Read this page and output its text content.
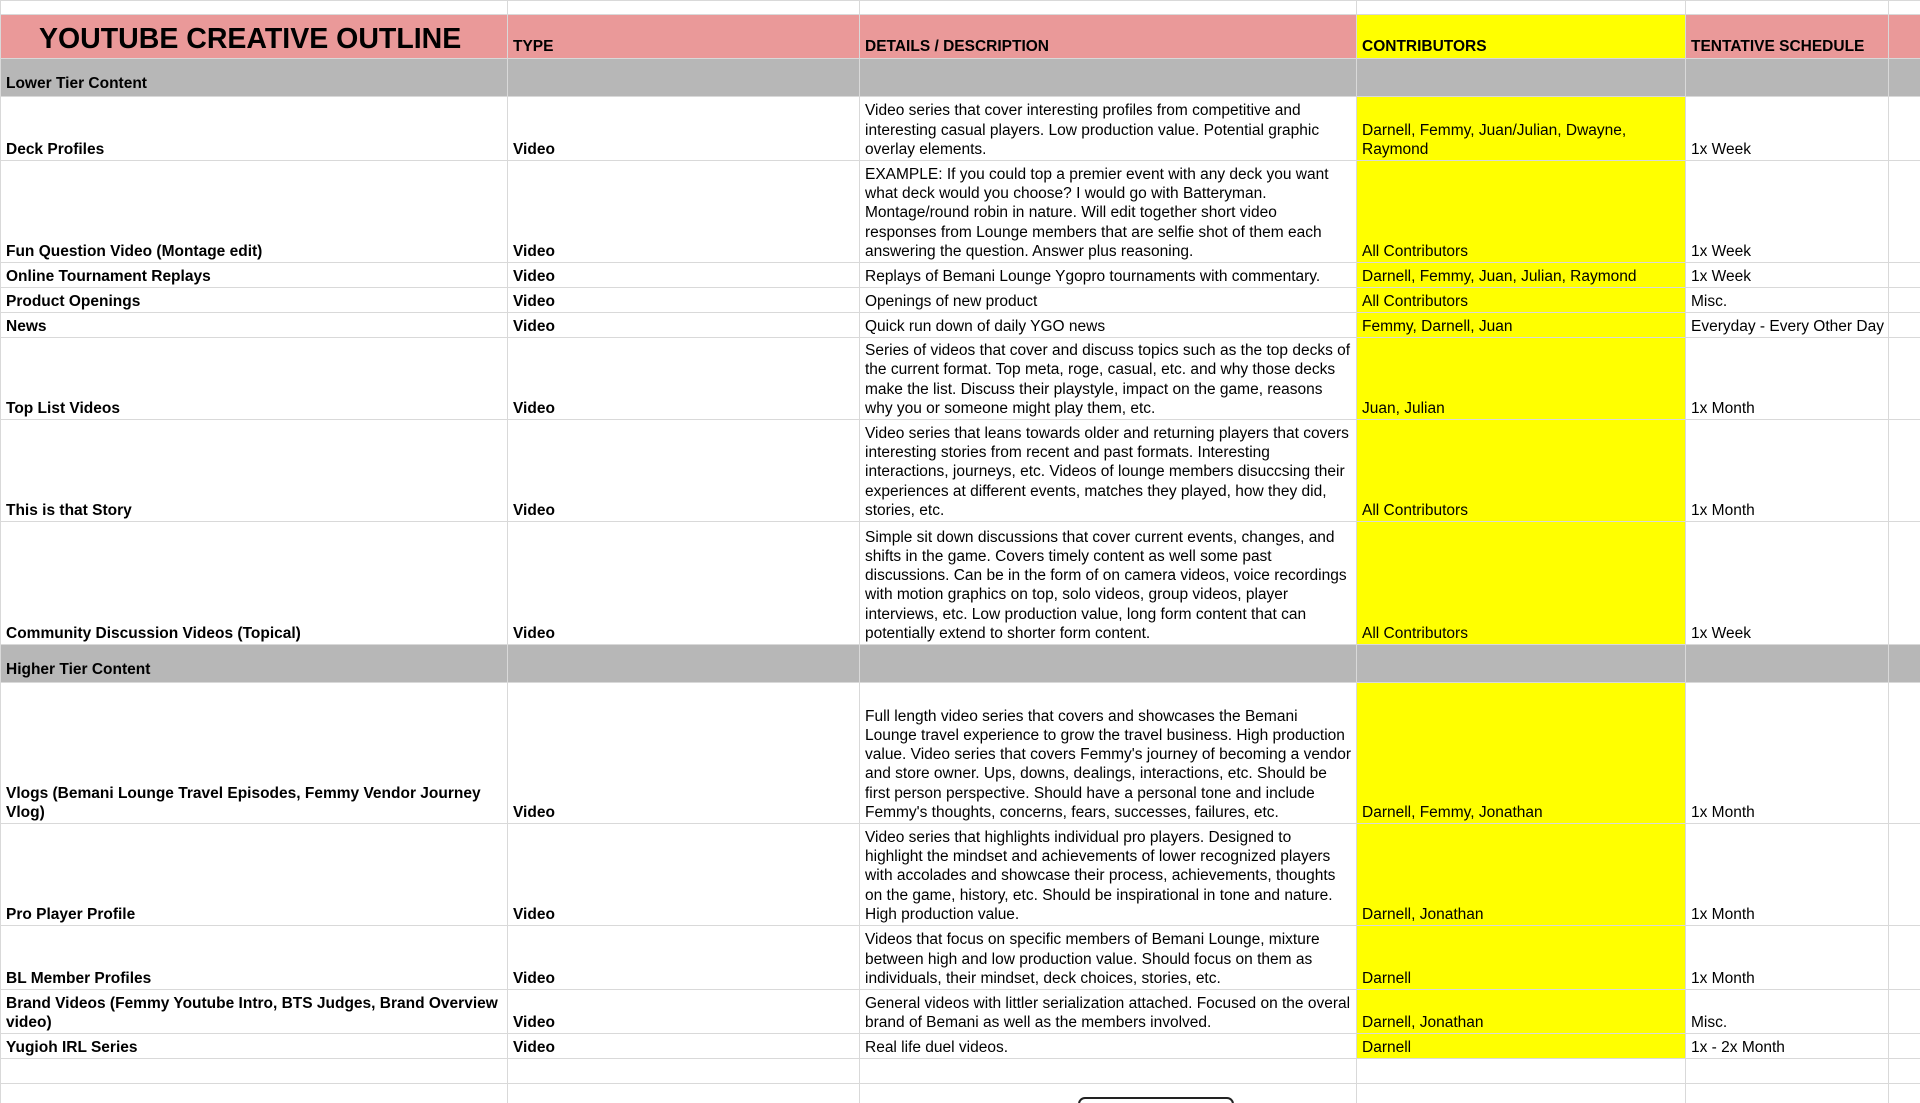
YOUTUBE CREATIVE OUTLINE	TYPE	DETAILS / DESCRIPTION	CONTRIBUTORS	TENTATIVE SCHEDULE	
Lower Tier Content					
Deck Profiles	Video	Video series that cover interesting profiles from competitive and interesting casual players. Low production value. Potential graphic overlay elements.	Darnell, Femmy, Juan/Julian, Dwayne, Raymond	1x Week	
Fun Question Video (Montage edit)	Video	EXAMPLE: If you could top a premier event with any deck you want what deck would you choose? I would go with Batteryman. Montage/round robin in nature. Will edit together short video responses from Lounge members that are selfie shot of them each answering the question. Answer plus reasoning.	All Contributors	1x Week	
Online Tournament Replays	Video	Replays of Bemani Lounge Ygopro tournaments with commentary.	Darnell, Femmy, Juan, Julian, Raymond	1x Week	
Product Openings	Video	Openings of new product	All Contributors	Misc.	
News	Video	Quick run down of daily YGO news	Femmy, Darnell, Juan	Everyday - Every Other Day	
Top List Videos	Video	Series of videos that cover and discuss topics such as the top decks of the current format. Top meta, roge, casual, etc. and why those decks make the list. Discuss their playstyle, impact on the game, reasons why you or someone might play them, etc.	Juan, Julian	1x Month	
This is that Story	Video	Video series that leans towards older and returning players that covers interesting stories from recent and past formats. Interesting interactions, journeys, etc. Videos of lounge members disuccsing their experiences at different events, matches they played, how they did, stories, etc.	All Contributors	1x Month	
Community Discussion Videos (Topical)	Video	Simple sit down discussions that cover current events, changes, and shifts in the game. Covers timely content as well some past discussions. Can be in the form of on camera videos, voice recordings with motion graphics on top, solo videos, group videos, player interviews, etc. Low production value, long form content that can potentially extend to shorter form content.	All Contributors	1x Week	
Higher Tier Content					
Vlogs (Bemani Lounge Travel Episodes, Femmy Vendor Journey Vlog)	Video	Full length video series that covers and showcases the Bemani Lounge travel experience to grow the travel business. High production value. Video series that covers Femmy's journey of becoming a vendor and store owner. Ups, downs, dealings, interactions, etc. Should be first person perspective. Should have a personal tone and include Femmy's thoughts, concerns, fears, successes, failures, etc.	Darnell, Femmy, Jonathan	1x Month	
Pro Player Profile	Video	Video series that highlights individual pro players. Designed to highlight the mindset and achievements of lower recognized players with accolades and showcase their process, achievements, thoughts on the game, history, etc. Should be inspirational in tone and nature. High production value.	Darnell, Jonathan	1x Month	
BL Member Profiles	Video	Videos that focus on specific members of Bemani Lounge, mixture between high and low production value. Should focus on them as individuals, their mindset, deck choices, stories, etc.	Darnell	1x Month	
Brand Videos (Femmy Youtube Intro, BTS Judges, Brand Overview video)	Video	General videos with littler serialization attached. Focused on the overal brand of Bemani as well as the members involved.	Darnell, Jonathan	Misc.	
Yugioh IRL Series	Video	Real life duel videos.	Darnell	1x - 2x Month	
